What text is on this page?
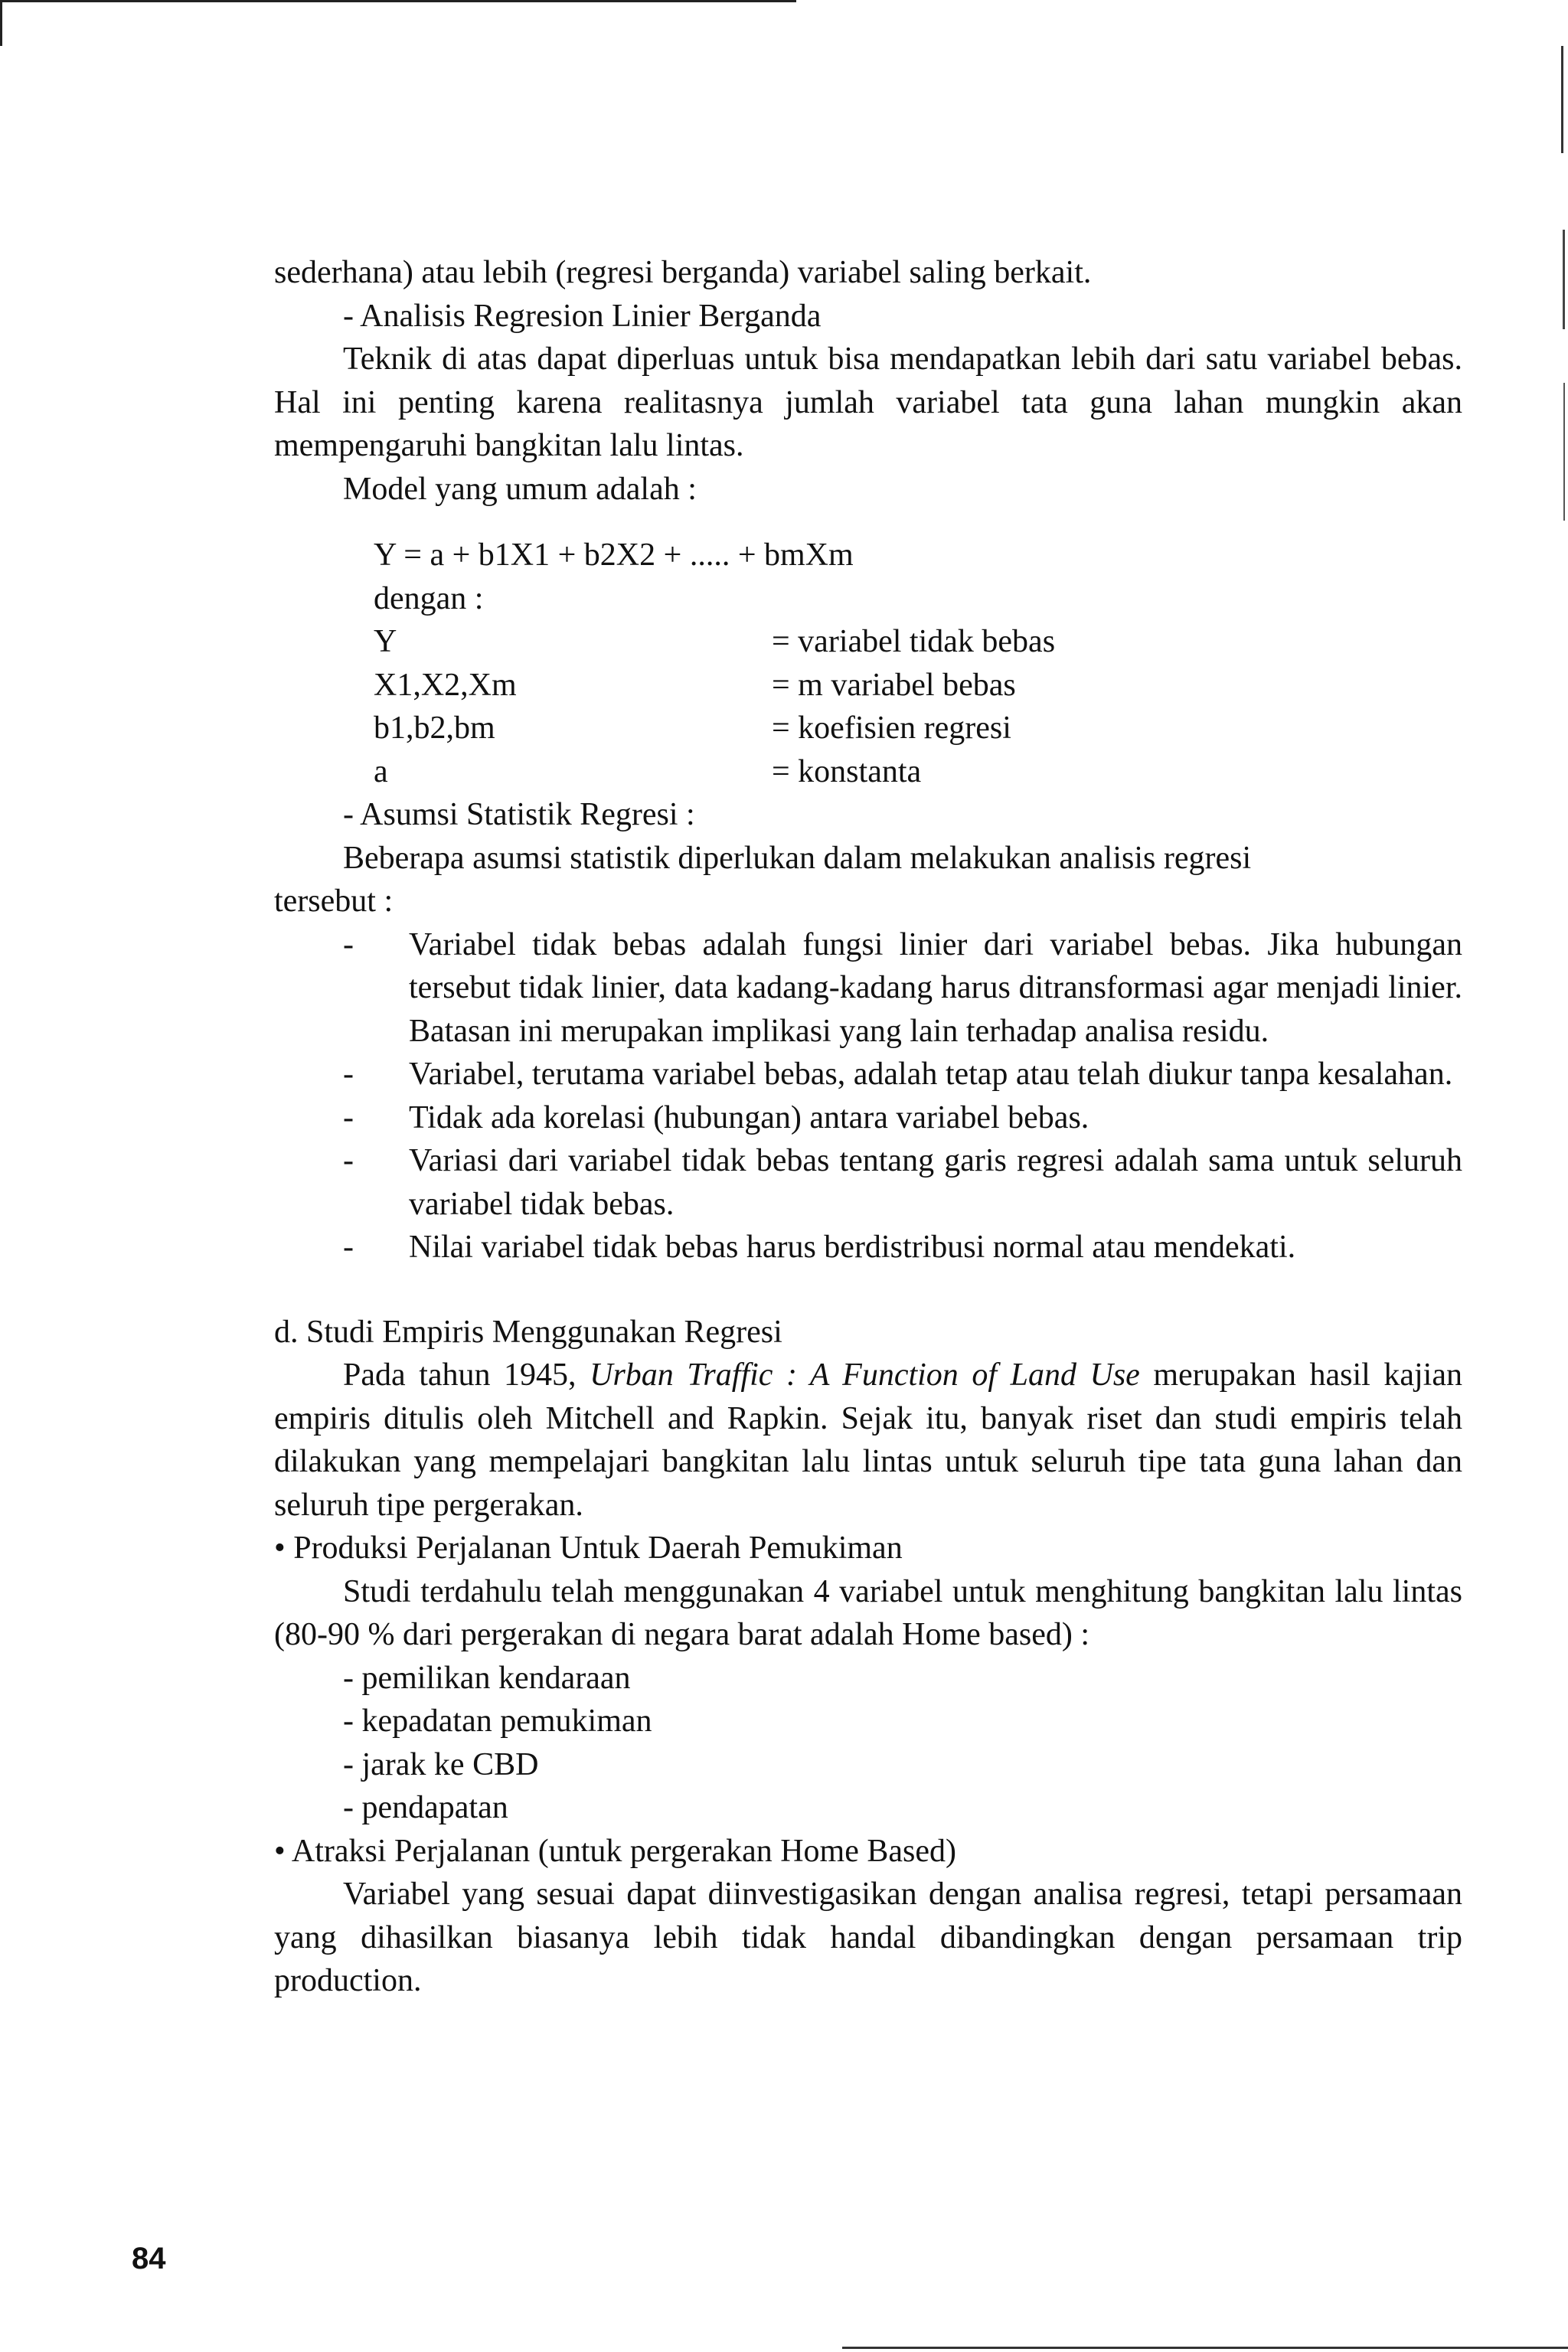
sederhana) atau lebih (regresi berganda) variabel saling berkait.

- Analisis Regresion Linier Berganda

Teknik di atas dapat diperluas untuk bisa mendapatkan lebih dari satu variabel bebas. Hal ini penting karena realitasnya jumlah variabel tata guna lahan mungkin akan mempengaruhi bangkitan lalu lintas.

Model yang umum adalah :

Y = a + b1X1 + b2X2 + ..... + bmXm

dengan :

Y	= variabel tidak bebas
X1,X2,Xm	= m variabel bebas
b1,b2,bm	= koefisien regresi
a	= konstanta

- Asumsi Statistik Regresi :

Beberapa asumsi statistik diperlukan dalam melakukan analisis regresi

tersebut :

-	Variabel tidak bebas adalah fungsi linier dari variabel bebas. Jika hubungan tersebut tidak linier, data kadang-kadang harus ditransformasi agar menjadi linier. Batasan ini merupakan implikasi yang lain terhadap analisa residu.
-	Variabel, terutama variabel bebas, adalah tetap atau telah diukur tanpa kesalahan.
-	Tidak ada korelasi (hubungan) antara variabel bebas.
-	Variasi dari variabel tidak bebas tentang garis regresi adalah sama untuk seluruh variabel tidak bebas.
-	Nilai variabel tidak bebas harus berdistribusi normal atau mendekati.

d. Studi Empiris Menggunakan Regresi

Pada tahun 1945, Urban Traffic : A Function of Land Use merupakan hasil kajian empiris ditulis oleh Mitchell and Rapkin. Sejak itu, banyak riset dan studi empiris telah dilakukan yang mempelajari bangkitan lalu lintas untuk seluruh tipe tata guna lahan dan seluruh tipe pergerakan.

• Produksi Perjalanan Untuk Daerah Pemukiman

Studi terdahulu telah menggunakan 4 variabel untuk menghitung bangkitan lalu lintas (80-90 % dari pergerakan di negara barat adalah Home based) :

- pemilikan kendaraan

- kepadatan pemukiman

- jarak ke CBD

- pendapatan

• Atraksi Perjalanan (untuk pergerakan Home Based)

Variabel yang sesuai dapat diinvestigasikan dengan analisa regresi, tetapi persamaan yang dihasilkan biasanya lebih tidak handal dibandingkan dengan persamaan trip production.

84
